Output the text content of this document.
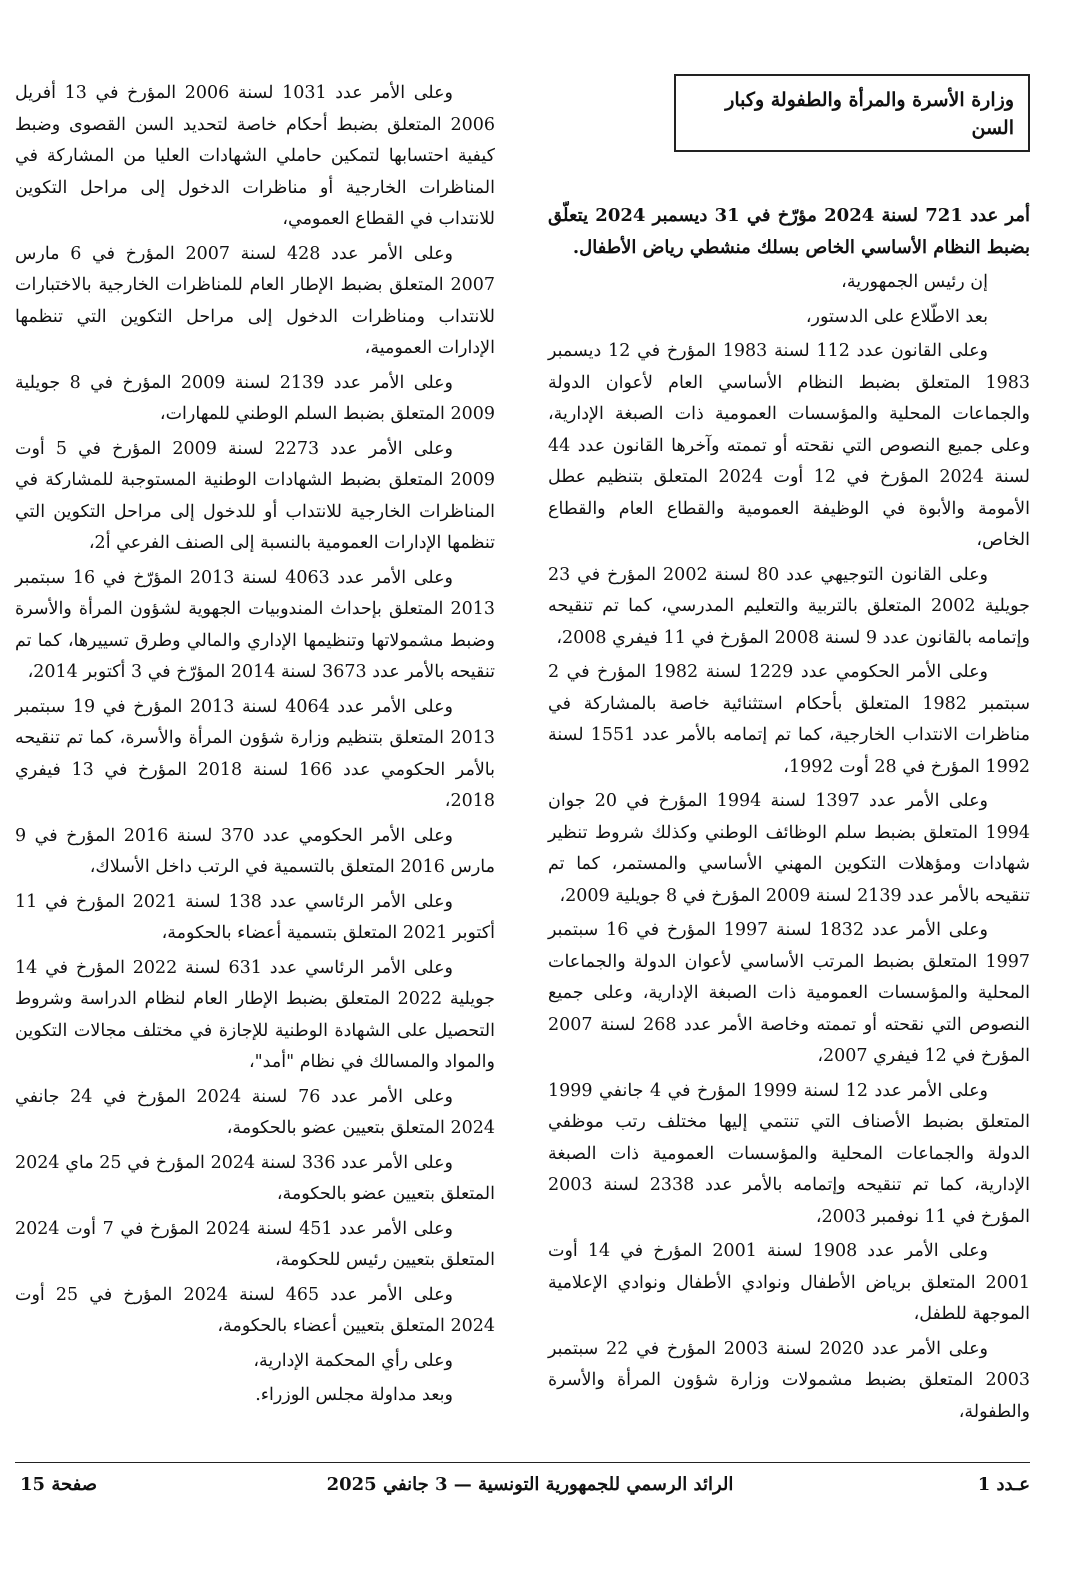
وزارة الأسرة والمرأة والطفولة وكبار السن

أمر عدد 721 لسنة 2024 مؤرّخ في 31 ديسمبر 2024 يتعلّق بضبط النظام الأساسي الخاص بسلك منشطي رياض الأطفال.

إن رئيس الجمهورية،

بعد الاطّلاع على الدستور،

وعلى القانون عدد 112 لسنة 1983 المؤرخ في 12 ديسمبر 1983 المتعلق بضبط النظام الأساسي العام لأعوان الدولة والجماعات المحلية والمؤسسات العمومية ذات الصبغة الإدارية، وعلى جميع النصوص التي نقحته أو تممته وآخرها القانون عدد 44 لسنة 2024 المؤرخ في 12 أوت 2024 المتعلق بتنظيم عطل الأمومة والأبوة في الوظيفة العمومية والقطاع العام والقطاع الخاص،

وعلى القانون التوجيهي عدد 80 لسنة 2002 المؤرخ في 23 جويلية 2002 المتعلق بالتربية والتعليم المدرسي، كما تم تنقيحه وإتمامه بالقانون عدد 9 لسنة 2008 المؤرخ في 11 فيفري 2008،

وعلى الأمر الحكومي عدد 1229 لسنة 1982 المؤرخ في 2 سبتمبر 1982 المتعلق بأحكام استثنائية خاصة بالمشاركة في مناظرات الانتداب الخارجية، كما تم إتمامه بالأمر عدد 1551 لسنة 1992 المؤرخ في 28 أوت 1992،

وعلى الأمر عدد 1397 لسنة 1994 المؤرخ في 20 جوان 1994 المتعلق بضبط سلم الوظائف الوطني وكذلك شروط تنظير شهادات ومؤهلات التكوين المهني الأساسي والمستمر، كما تم تنقيحه بالأمر عدد 2139 لسنة 2009 المؤرخ في 8 جويلية 2009،

وعلى الأمر عدد 1832 لسنة 1997 المؤرخ في 16 سبتمبر 1997 المتعلق بضبط المرتب الأساسي لأعوان الدولة والجماعات المحلية والمؤسسات العمومية ذات الصبغة الإدارية، وعلى جميع النصوص التي نقحته أو تممته وخاصة الأمر عدد 268 لسنة 2007 المؤرخ في 12 فيفري 2007،

وعلى الأمر عدد 12 لسنة 1999 المؤرخ في 4 جانفي 1999 المتعلق بضبط الأصناف التي تنتمي إليها مختلف رتب موظفي الدولة والجماعات المحلية والمؤسسات العمومية ذات الصبغة الإدارية، كما تم تنقيحه وإتمامه بالأمر عدد 2338 لسنة 2003 المؤرخ في 11 نوفمبر 2003،

وعلى الأمر عدد 1908 لسنة 2001 المؤرخ في 14 أوت 2001 المتعلق برياض الأطفال ونوادي الأطفال ونوادي الإعلامية الموجهة للطفل،

وعلى الأمر عدد 2020 لسنة 2003 المؤرخ في 22 سبتمبر 2003 المتعلق بضبط مشمولات وزارة شؤون المرأة والأسرة والطفولة،

وعلى الأمر عدد 1031 لسنة 2006 المؤرخ في 13 أفريل 2006 المتعلق بضبط أحكام خاصة لتحديد السن القصوى وضبط كيفية احتسابها لتمكين حاملي الشهادات العليا من المشاركة في المناظرات الخارجية أو مناظرات الدخول إلى مراحل التكوين للانتداب في القطاع العمومي،

وعلى الأمر عدد 428 لسنة 2007 المؤرخ في 6 مارس 2007 المتعلق بضبط الإطار العام للمناظرات الخارجية بالاختبارات للانتداب ومناظرات الدخول إلى مراحل التكوين التي تنظمها الإدارات العمومية،

وعلى الأمر عدد 2139 لسنة 2009 المؤرخ في 8 جويلية 2009 المتعلق بضبط السلم الوطني للمهارات،

وعلى الأمر عدد 2273 لسنة 2009 المؤرخ في 5 أوت 2009 المتعلق بضبط الشهادات الوطنية المستوجبة للمشاركة في المناظرات الخارجية للانتداب أو للدخول إلى مراحل التكوين التي تنظمها الإدارات العمومية بالنسبة إلى الصنف الفرعي أ2،

وعلى الأمر عدد 4063 لسنة 2013 المؤرّخ في 16 سبتمبر 2013 المتعلق بإحداث المندوبيات الجهوية لشؤون المرأة والأسرة وضبط مشمولاتها وتنظيمها الإداري والمالي وطرق تسييرها، كما تم تنقيحه بالأمر عدد 3673 لسنة 2014 المؤرّخ في 3 أكتوبر 2014،

وعلى الأمر عدد 4064 لسنة 2013 المؤرخ في 19 سبتمبر 2013 المتعلق بتنظيم وزارة شؤون المرأة والأسرة، كما تم تنقيحه بالأمر الحكومي عدد 166 لسنة 2018 المؤرخ في 13 فيفري 2018،

وعلى الأمر الحكومي عدد 370 لسنة 2016 المؤرخ في 9 مارس 2016 المتعلق بالتسمية في الرتب داخل الأسلاك،

وعلى الأمر الرئاسي عدد 138 لسنة 2021 المؤرخ في 11 أكتوبر 2021 المتعلق بتسمية أعضاء بالحكومة،

وعلى الأمر الرئاسي عدد 631 لسنة 2022 المؤرخ في 14 جويلية 2022 المتعلق بضبط الإطار العام لنظام الدراسة وشروط التحصيل على الشهادة الوطنية للإجازة في مختلف مجالات التكوين والمواد والمسالك في نظام "أمد"،

وعلى الأمر عدد 76 لسنة 2024 المؤرخ في 24 جانفي 2024 المتعلق بتعيين عضو بالحكومة،

وعلى الأمر عدد 336 لسنة 2024 المؤرخ في 25 ماي 2024 المتعلق بتعيين عضو بالحكومة،

وعلى الأمر عدد 451 لسنة 2024 المؤرخ في 7 أوت 2024 المتعلق بتعيين رئيس للحكومة،

وعلى الأمر عدد 465 لسنة 2024 المؤرخ في 25 أوت 2024 المتعلق بتعيين أعضاء بالحكومة،

وعلى رأي المحكمة الإدارية،

وبعد مداولة مجلس الوزراء.

عـدد 1
الرائد الرسمي للجمهورية التونسية — 3 جانفي 2025
صفحة 15
